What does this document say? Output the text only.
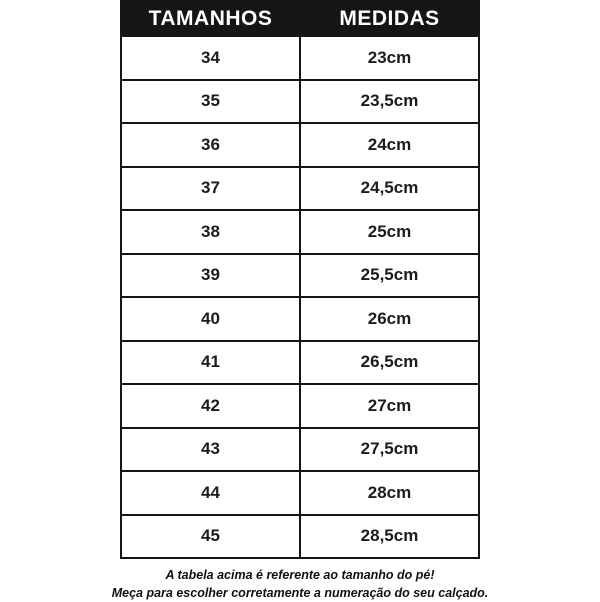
TAMANHOS	MEDIDAS
34	23cm
35	23,5cm
36	24cm
37	24,5cm
38	25cm
39	25,5cm
40	26cm
41	26,5cm
42	27cm
43	27,5cm
44	28cm
45	28,5cm
A tabela acima é referente ao tamanho do pé!
Meça para escolher corretamente a numeração do seu calçado.
